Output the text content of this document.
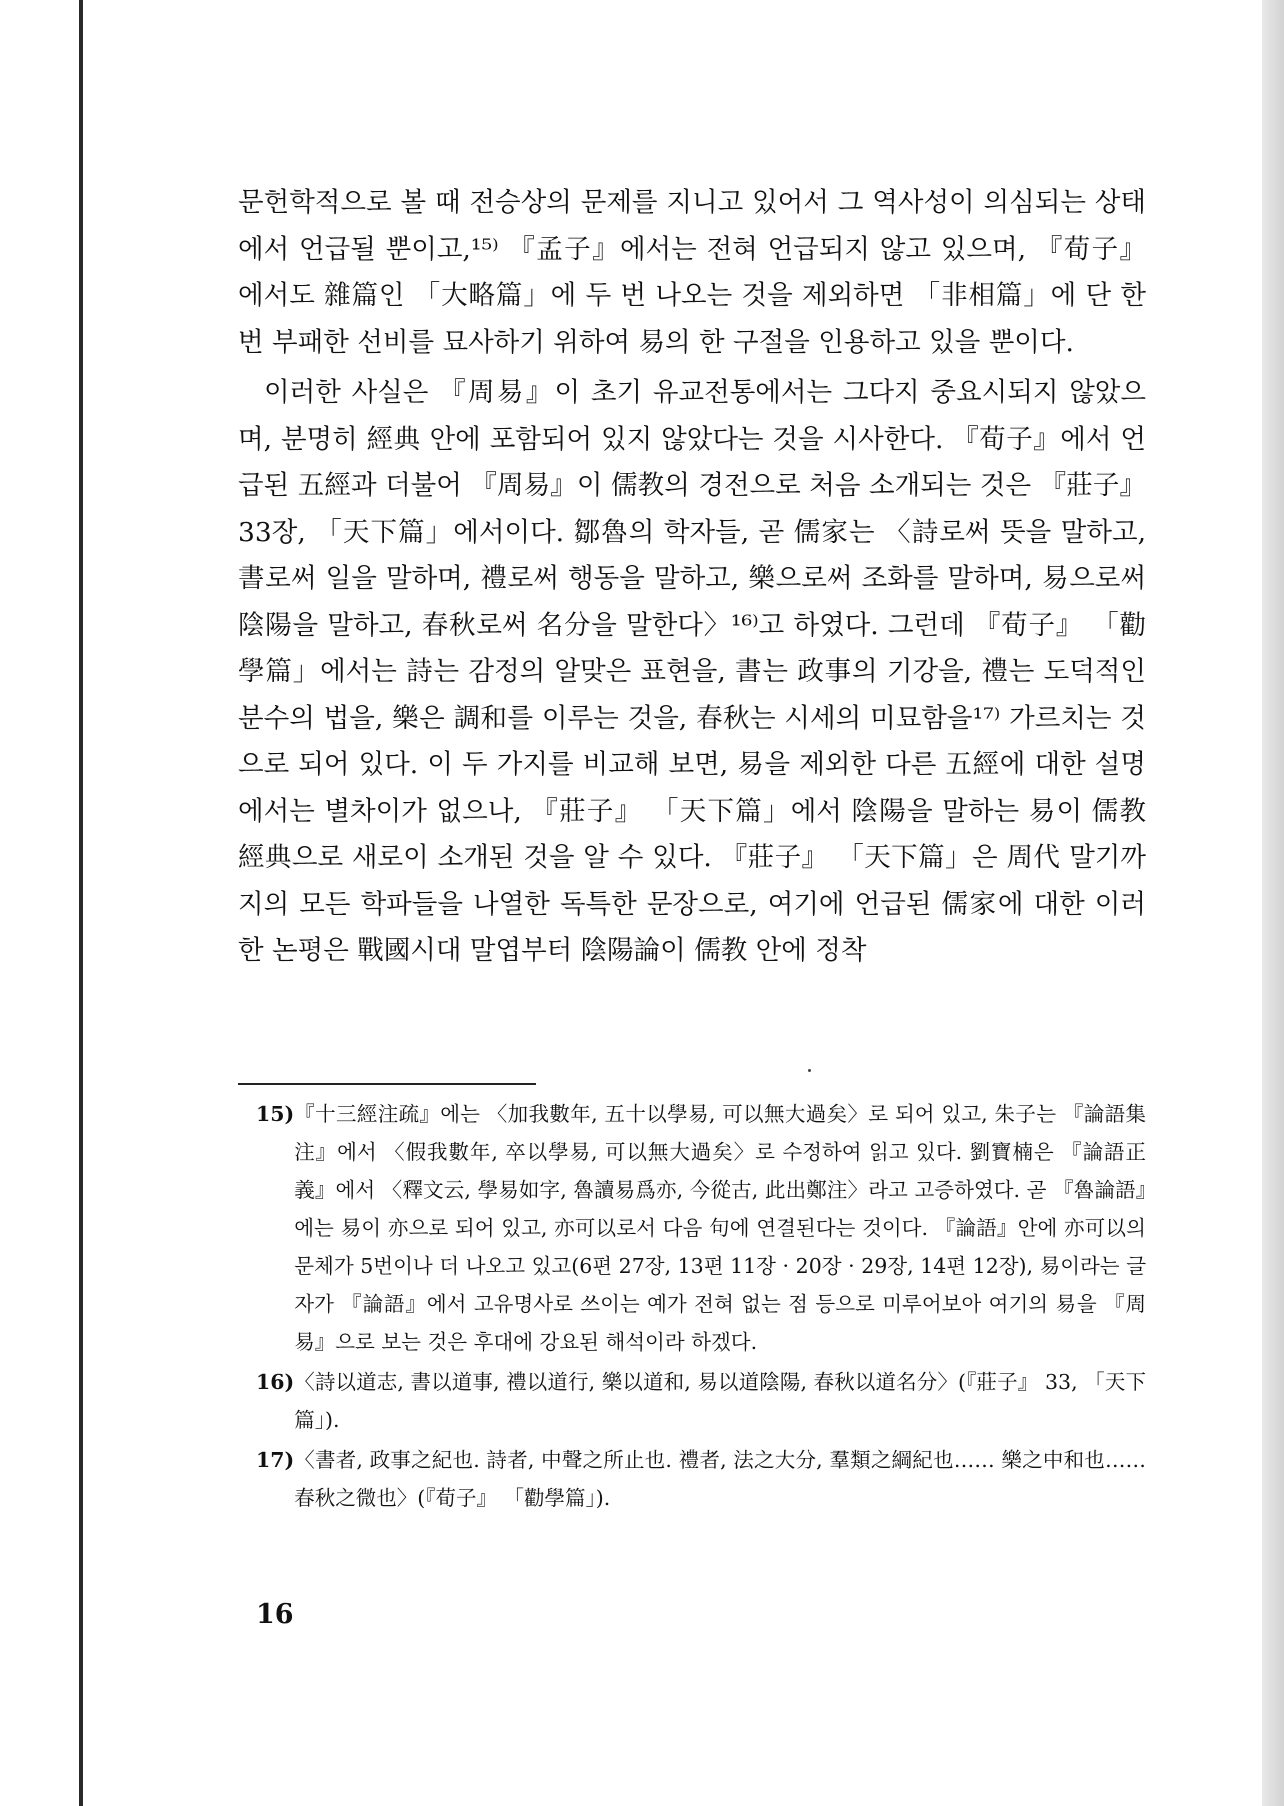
문헌학적으로 볼 때 전승상의 문제를 지니고 있어서 그 역사성이 의심되는 상태에서 언급될 뿐이고,¹⁵⁾ 『孟子』에서는 전혀 언급되지 않고 있으며, 『荀子』에서도 雜篇인 「大略篇」에 두 번 나오는 것을 제외하면 「非相篇」에 단 한 번 부패한 선비를 묘사하기 위하여 易의 한 구절을 인용하고 있을 뿐이다.

이러한 사실은 『周易』이 초기 유교전통에서는 그다지 중요시되지 않았으며, 분명히 經典 안에 포함되어 있지 않았다는 것을 시사한다. 『荀子』에서 언급된 五經과 더불어 『周易』이 儒教의 경전으로 처음 소개되는 것은 『莊子』 33장, 「天下篇」에서이다. 鄒魯의 학자들, 곧 儒家는 〈詩로써 뜻을 말하고, 書로써 일을 말하며, 禮로써 행동을 말하고, 樂으로써 조화를 말하며, 易으로써 陰陽을 말하고, 春秋로써 名分을 말한다〉¹⁶⁾고 하였다. 그런데 『荀子』 「勸學篇」에서는 詩는 감정의 알맞은 표현을, 書는 政事의 기강을, 禮는 도덕적인 분수의 법을, 樂은 調和를 이루는 것을, 春秋는 시세의 미묘함을¹⁷⁾ 가르치는 것으로 되어 있다. 이 두 가지를 비교해 보면, 易을 제외한 다른 五經에 대한 설명에서는 별차이가 없으나, 『莊子』 「天下篇」에서 陰陽을 말하는 易이 儒教經典으로 새로이 소개된 것을 알 수 있다. 『莊子』 「天下篇」은 周代 말기까지의 모든 학파들을 나열한 독특한 문장으로, 여기에 언급된 儒家에 대한 이러한 논평은 戰國시대 말엽부터 陰陽論이 儒教 안에 정착

15) 『十三經注疏』에는 〈加我數年, 五十以學易, 可以無大過矣〉로 되어 있고, 朱子는 『論語集注』에서 〈假我數年, 卒以學易, 可以無大過矣〉로 수정하여 읽고 있다. 劉寶楠은 『論語正義』에서 〈釋文云, 學易如字, 魯讀易爲亦, 今從古, 此出鄭注〉라고 고증하였다. 곧 『魯論語』에는 易이 亦으로 되어 있고, 亦可以로서 다음 句에 연결된다는 것이다. 『論語』안에 亦可以의 문체가 5번이나 더 나오고 있고(6편 27장, 13편 11장 · 20장 · 29장, 14편 12장), 易이라는 글자가 『論語』에서 고유명사로 쓰이는 예가 전혀 없는 점 등으로 미루어보아 여기의 易을 『周易』으로 보는 것은 후대에 강요된 해석이라 하겠다.
16) 〈詩以道志, 書以道事, 禮以道行, 樂以道和, 易以道陰陽, 春秋以道名分〉(『莊子』 33, 「天下篇」).
17) 〈書者, 政事之紀也. 詩者, 中聲之所止也. 禮者, 法之大分, 羣類之綱紀也…… 樂之中和也…… 春秋之微也〉(『荀子』 「勸學篇」).
16
